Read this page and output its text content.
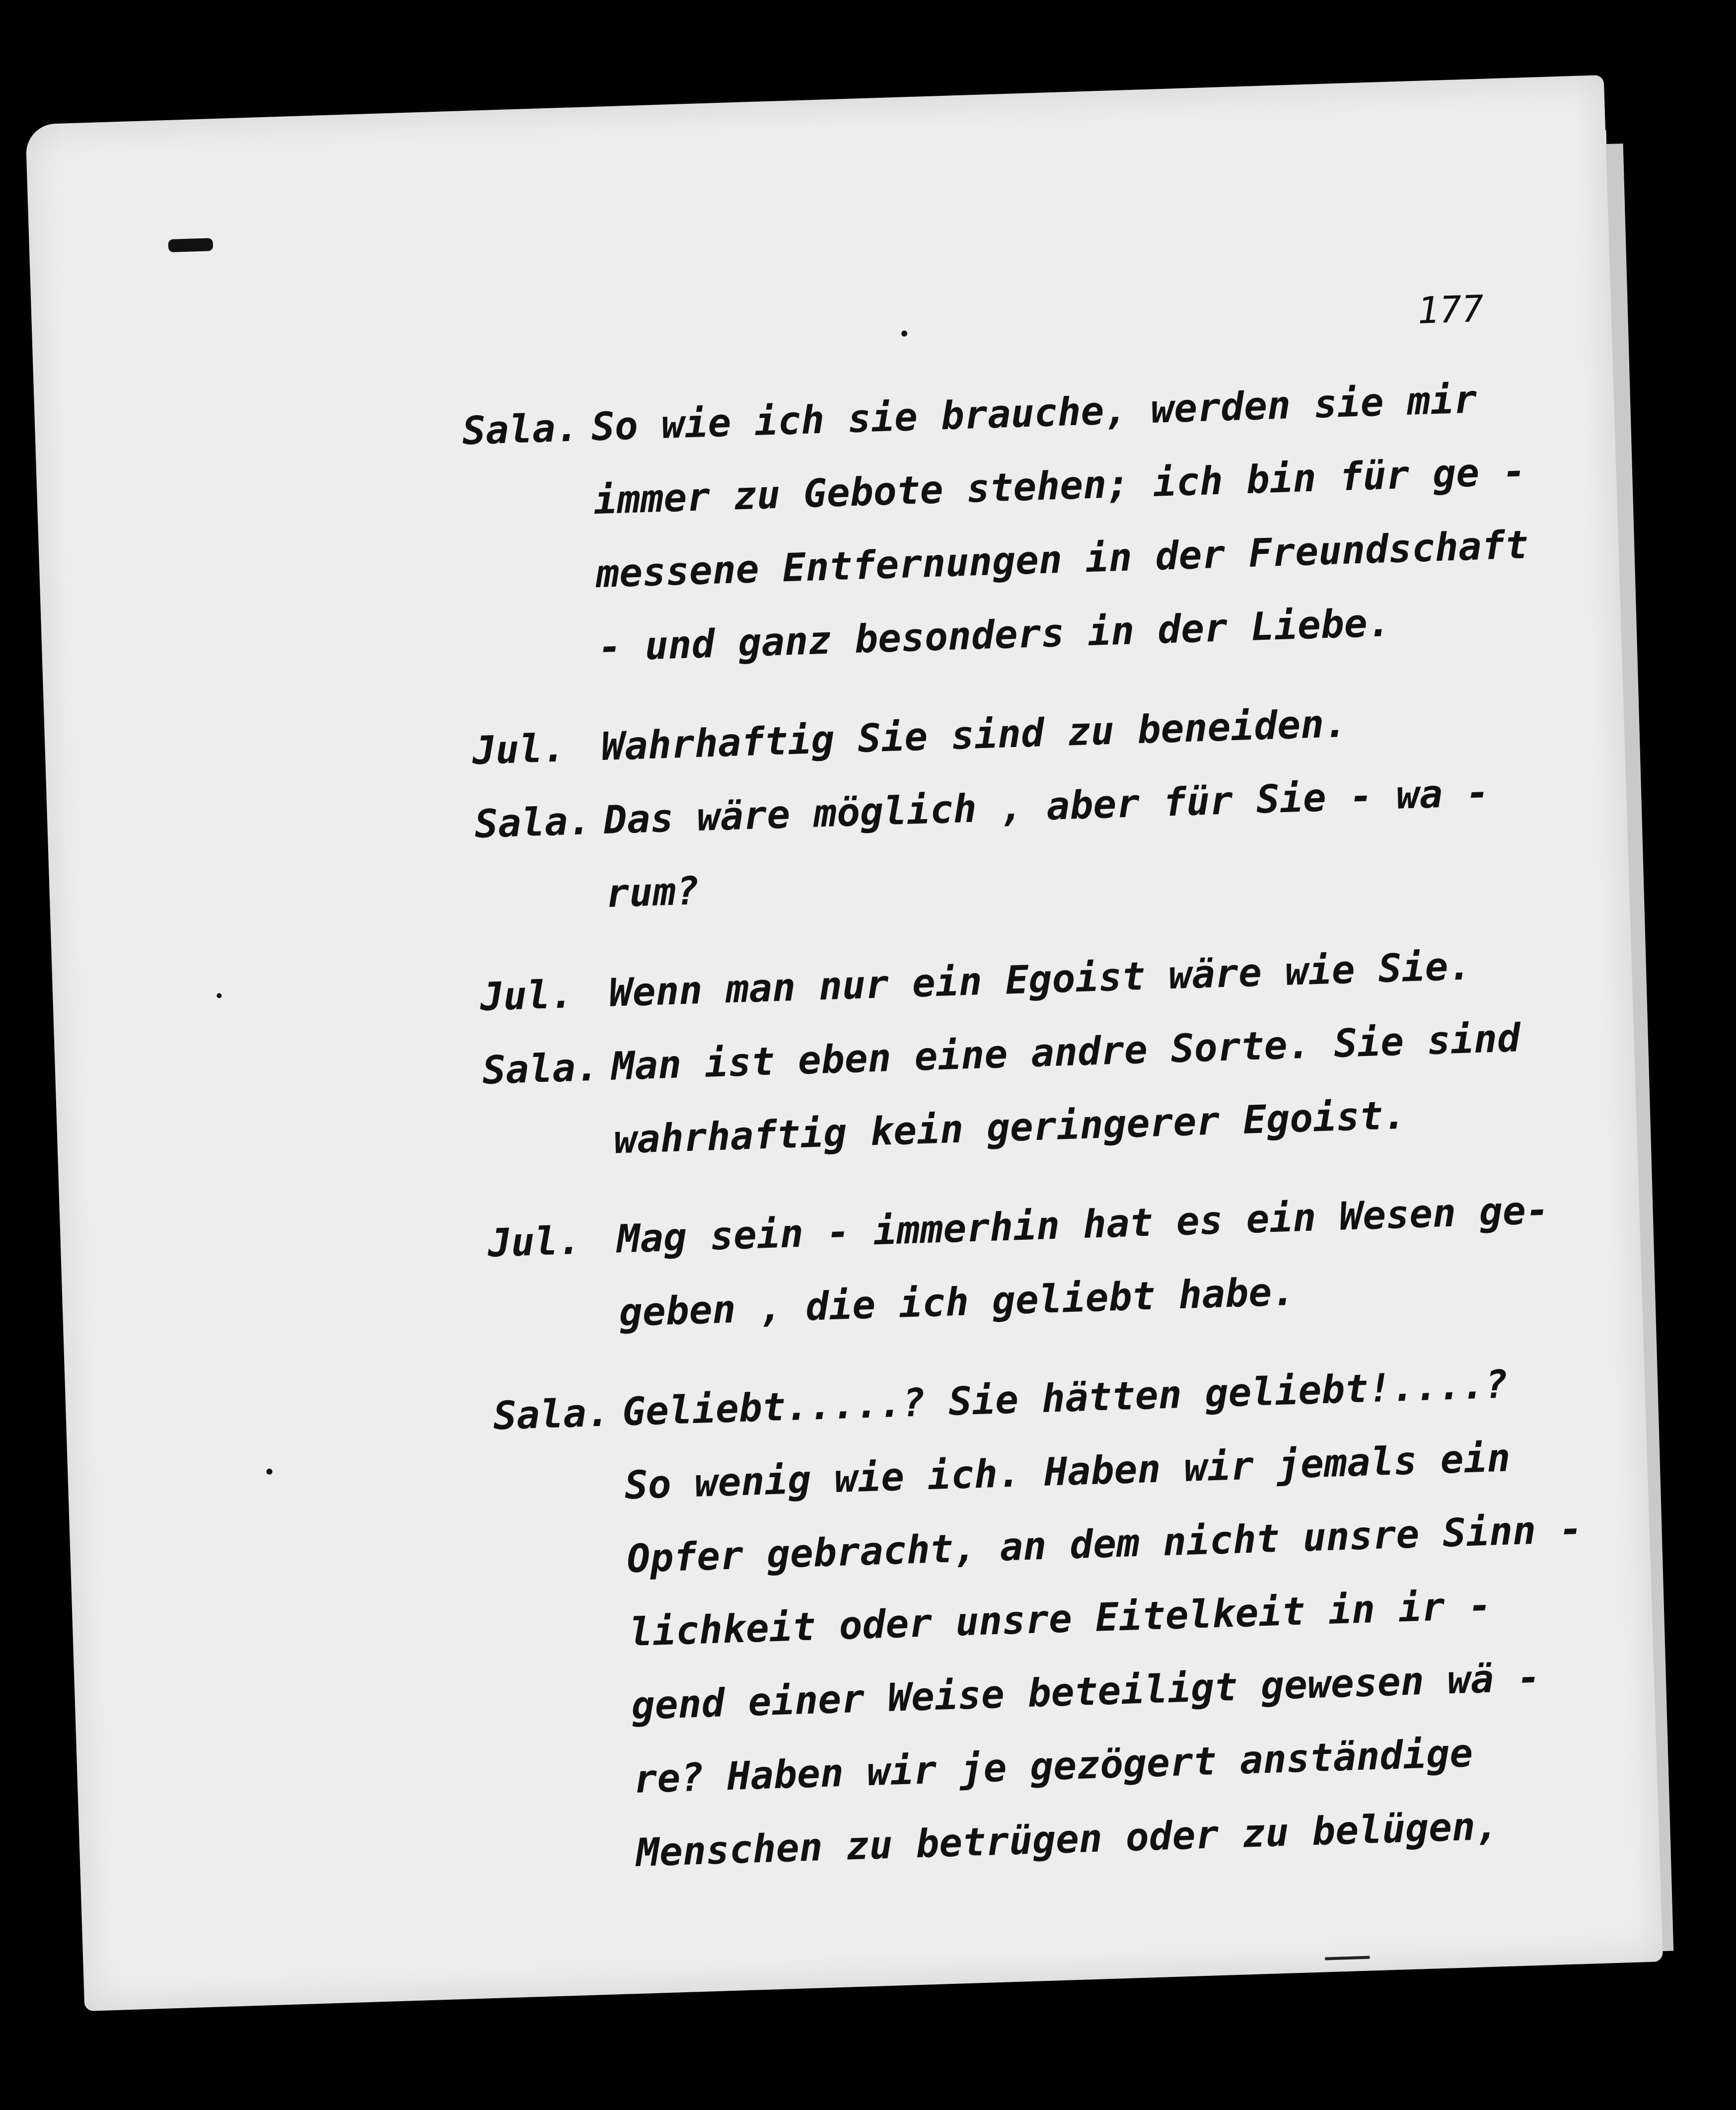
177
Sala. So wie ich sie brauche, werden sie mir
immer zu Gebote stehen; ich bin für ge -
messene Entfernungen in der Freundschaft
- und ganz besonders in der Liebe.
Jul. Wahrhaftig Sie sind zu beneiden.
Sala. Das wäre möglich , aber für Sie - wa -
rum?
Jul. Wenn man nur ein Egoist wäre wie Sie.
Sala. Man ist eben eine andre Sorte. Sie sind
wahrhaftig kein geringerer Egoist.
Jul. Mag sein - immerhin hat es ein Wesen ge-
geben , die ich geliebt habe.
Sala. Geliebt.....? Sie hätten geliebt!....?
So wenig wie ich. Haben wir jemals ein
Opfer gebracht, an dem nicht unsre Sinn -
lichkeit oder unsre Eitelkeit in ir -
gend einer Weise beteiligt gewesen wä -
re? Haben wir je gezögert anständige
Menschen zu betrügen oder zu belügen,
